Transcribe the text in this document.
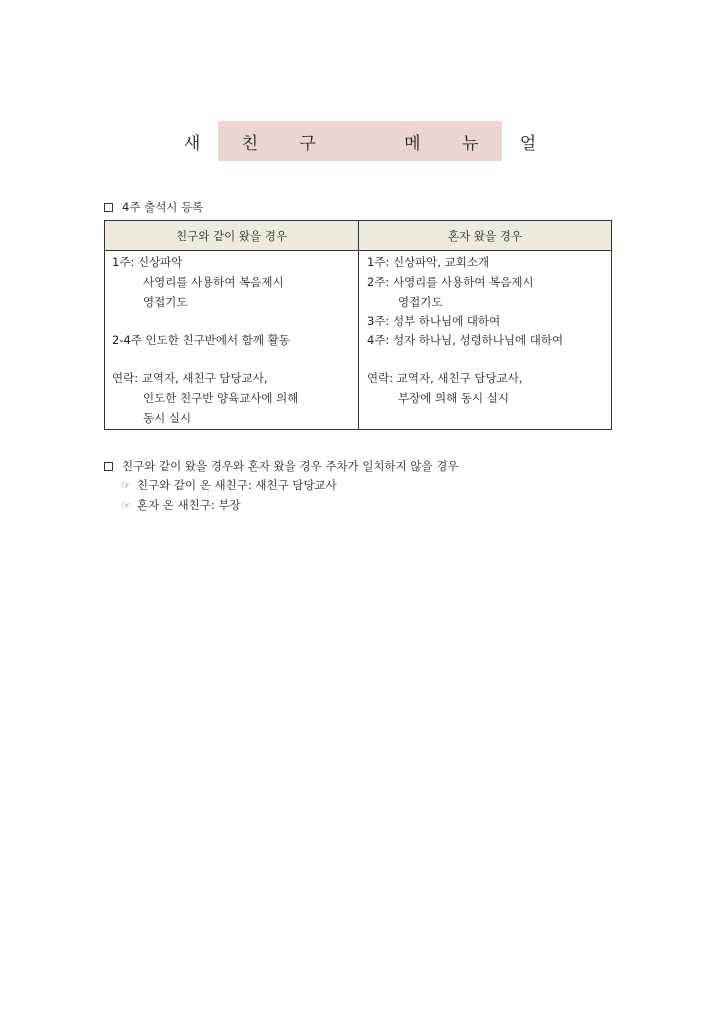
새 친 구   메 뉴 얼
4주 출석시 등록
친구와 같이 왔을 경우	혼자 왔을 경우
1주: 신상파악
사영리를 사용하여 복음제시
영접기도
2-4주 인도한 친구반에서 함께 활동
연락: 교역자, 새친구 담당교사,
인도한 친구반 양육교사에 의해
동시 실시
1주: 신상파악, 교회소개
2주: 사영리를 사용하여 복음제시
영접기도
3주: 성부 하나님에 대하여
4주: 성자 하나님, 성령하나님에 대하여
연락: 교역자, 새친구 담당교사,
부장에 의해 동시 실시
친구와 같이 왔을 경우와 혼자 왔을 경우 주차가 일치하지 않을 경우
☞ 친구와 같이 온 새친구: 새친구 담당교사
☞ 혼자 온 새친구: 부장
